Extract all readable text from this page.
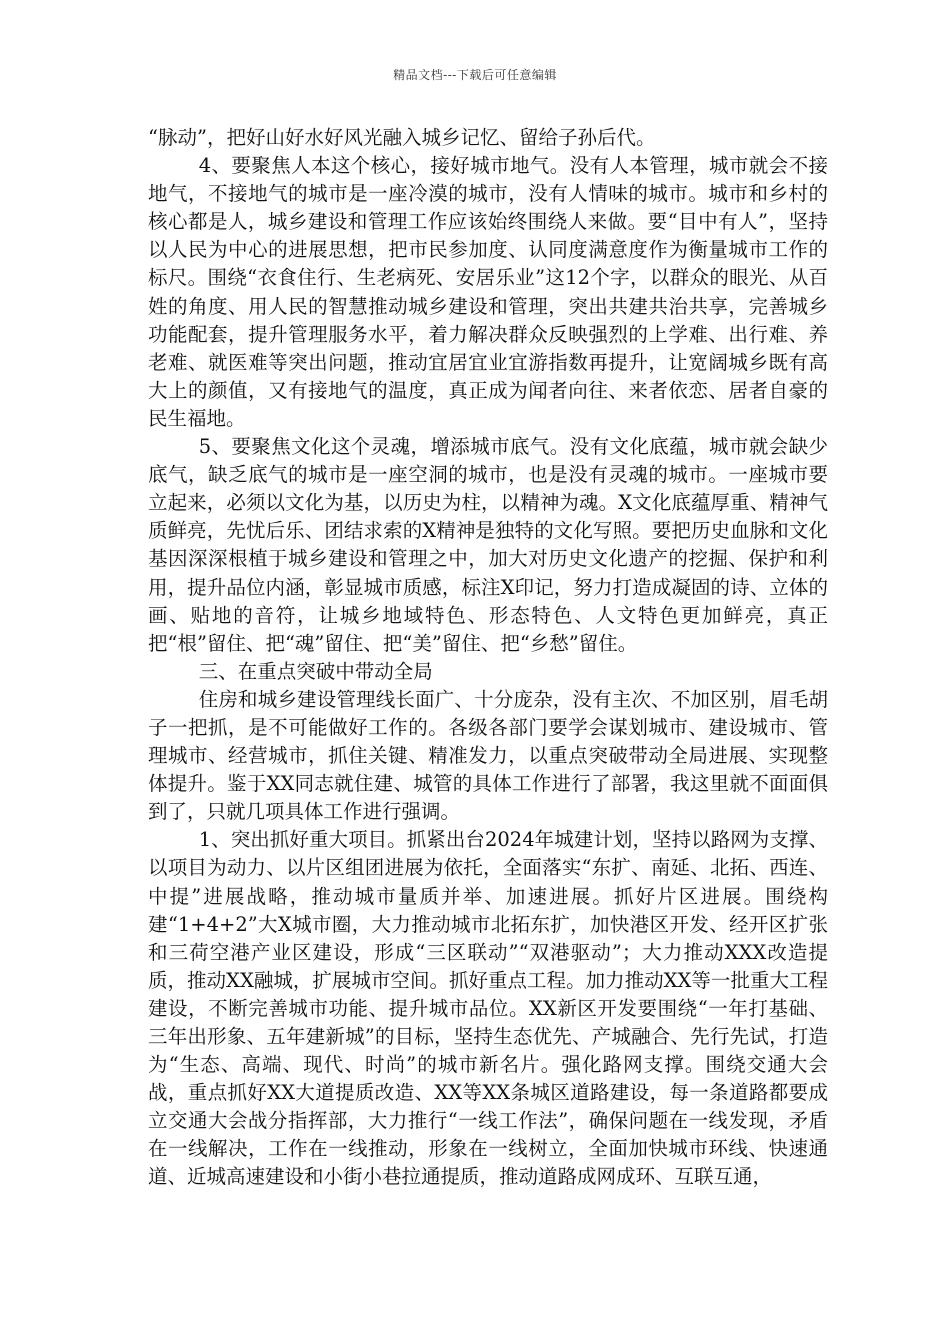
精品文档---下载后可任意编辑

“脉动”，把好山好水好风光融入城乡记忆、留给子孙后代。

4、要聚焦人本这个核心，接好城市地气。没有人本管理，城市就会不接地气，不接地气的城市是一座冷漠的城市，没有人情味的城市。城市和乡村的核心都是人，城乡建设和管理工作应该始终围绕人来做。要“目中有人”，坚持以人民为中心的进展思想，把市民参加度、认同度满意度作为衡量城市工作的标尺。围绕“衣食住行、生老病死、安居乐业”这12个字，以群众的眼光、从百姓的角度、用人民的智慧推动城乡建设和管理，突出共建共治共享，完善城乡功能配套，提升管理服务水平，着力解决群众反映强烈的上学难、出行难、养老难、就医难等突出问题，推动宜居宜业宜游指数再提升，让宽阔城乡既有高大上的颜值，又有接地气的温度，真正成为闻者向往、来者依恋、居者自豪的民生福地。

5、要聚焦文化这个灵魂，增添城市底气。没有文化底蕴，城市就会缺少底气，缺乏底气的城市是一座空洞的城市，也是没有灵魂的城市。一座城市要立起来，必须以文化为基，以历史为柱，以精神为魂。X文化底蕴厚重、精神气质鲜亮，先忧后乐、团结求索的X精神是独特的文化写照。要把历史血脉和文化基因深深根植于城乡建设和管理之中，加大对历史文化遗产的挖掘、保护和利用，提升品位内涵，彰显城市质感，标注X印记，努力打造成凝固的诗、立体的画、贴地的音符，让城乡地域特色、形态特色、人文特色更加鲜亮，真正把“根”留住、把“魂”留住、把“美”留住、把“乡愁”留住。

三、在重点突破中带动全局

住房和城乡建设管理线长面广、十分庞杂，没有主次、不加区别，眉毛胡子一把抓，是不可能做好工作的。各级各部门要学会谋划城市、建设城市、管理城市、经营城市，抓住关键、精准发力，以重点突破带动全局进展、实现整体提升。鉴于XX同志就住建、城管的具体工作进行了部署，我这里就不面面俱到了，只就几项具体工作进行强调。

1、突出抓好重大项目。抓紧出台2024年城建计划，坚持以路网为支撑、以项目为动力、以片区组团进展为依托，全面落实“东扩、南延、北拓、西连、中提”进展战略，推动城市量质并举、加速进展。抓好片区进展。围绕构建“1+4+2”大X城市圈，大力推动城市北拓东扩，加快港区开发、经开区扩张和三荷空港产业区建设，形成“三区联动”“双港驱动”；大力推动XXX改造提质，推动XX融城，扩展城市空间。抓好重点工程。加力推动XX等一批重大工程建设，不断完善城市功能、提升城市品位。XX新区开发要围绕“一年打基础、三年出形象、五年建新城”的目标，坚持生态优先、产城融合、先行先试，打造为“生态、高端、现代、时尚”的城市新名片。强化路网支撑。围绕交通大会战，重点抓好XX大道提质改造、XX等XX条城区道路建设，每一条道路都要成立交通大会战分指挥部，大力推行“一线工作法”，确保问题在一线发现，矛盾在一线解决，工作在一线推动，形象在一线树立，全面加快城市环线、快速通道、近城高速建设和小街小巷拉通提质，推动道路成网成环、互联互通，
